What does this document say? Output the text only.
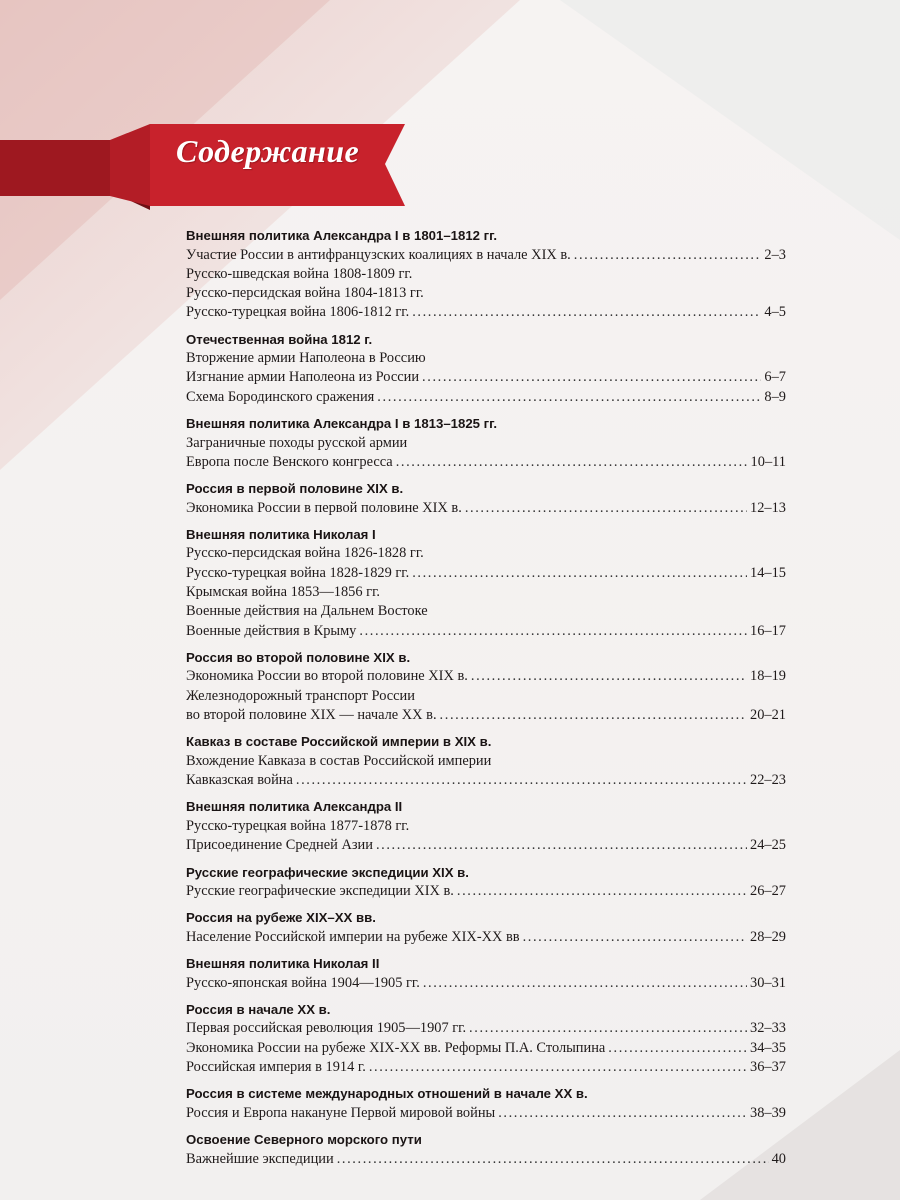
Содержание
Внешняя политика Александра I в 1801–1812 гг.
Участие России в антифранцузских коалициях в начале XIX в. . . .	2–3
Русско-шведская война 1808-1809 гг.
Русско-персидская война 1804-1813 гг.
Русско-турецкая война 1806-1812 гг. . . .	4–5
Отечественная война 1812 г.
Вторжение армии Наполеона в Россию
Изгнание армии Наполеона из России . . .	6–7
Схема Бородинского сражения . . .	8–9
Внешняя политика Александра I в 1813–1825 гг.
Заграничные походы русской армии
Европа после Венского конгресса . . .	10–11
Россия в первой половине XIX в.
Экономика России в первой половине XIX в. . . .	12–13
Внешняя политика Николая I
Русско-персидская война 1826-1828 гг.
Русско-турецкая война 1828-1829 гг. . . .	14–15
Крымская война 1853—1856 гг.
Военные действия на Дальнем Востоке
Военные действия в Крыму . . .	16–17
Россия во второй половине XIX в.
Экономика России во второй половине XIX в. . . .	18–19
Железнодорожный транспорт России
во второй половине XIX — начале XX в. . . .	20–21
Кавказ в составе Российской империи в XIX в.
Вхождение Кавказа в состав Российской империи
Кавказская война . . .	22–23
Внешняя политика Александра II
Русско-турецкая война 1877-1878 гг.
Присоединение Средней Азии . . .	24–25
Русские географические экспедиции XIX в.
Русские географические экспедиции XIX в. . . .	26–27
Россия на рубеже XIX–XX вв.
Население Российской империи на рубеже XIX-XX вв . . .	28–29
Внешняя политика Николая II
Русско-японская война 1904—1905 гг. . . .	30–31
Россия в начале XX в.
Первая российская революция 1905—1907 гг. . . .	32–33
Экономика России на рубеже XIX-XX вв. Реформы П.А. Столыпина . . .	34–35
Российская империя в 1914 г. . . .	36–37
Россия в системе международных отношений в начале XX в.
Россия и Европа накануне Первой мировой войны . . .	38–39
Освоение Северного морского пути
Важнейшие экспедиции . . .	40
